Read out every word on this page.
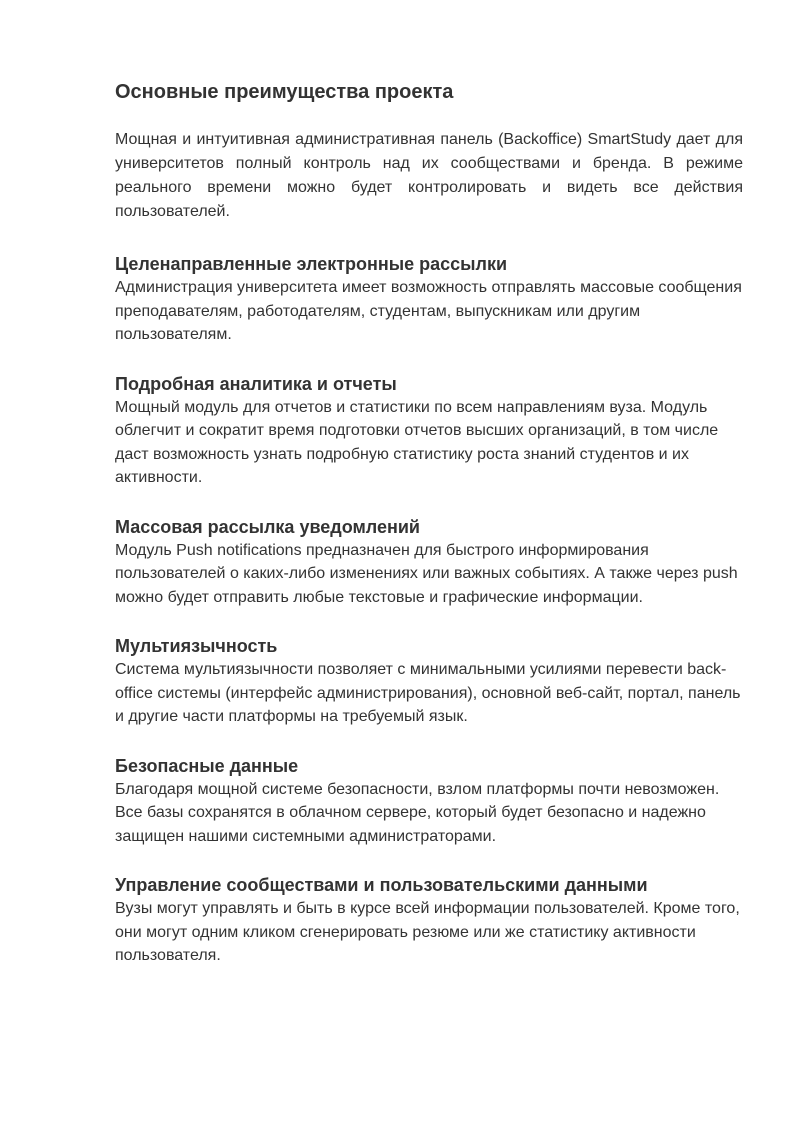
Основные преимущества проекта

Мощная и интуитивная административная панель (Backoffice) SmartStudy дает для университетов полный контроль над их сообществами и бренда. В режиме реального времени можно будет контролировать и видеть все действия пользователей.

Целенаправленные электронные рассылки

Администрация университета имеет возможность отправлять массовые сообщения преподавателям, работодателям, студентам, выпускникам или другим пользователям.

Подробная аналитика и отчеты

Мощный модуль для отчетов и статистики по всем направлениям вуза. Модуль облегчит и сократит время подготовки отчетов высших организаций, в том числе даст возможность узнать подробную статистику роста знаний студентов и их активности.

Массовая рассылка уведомлений

Модуль Push notifications предназначен для быстрого информирования пользователей о каких-либо изменениях или важных событиях. А также через push можно будет отправить любые текстовые и графические информации.

Мультиязычность

Система мультиязычности позволяет с минимальными усилиями перевести back-office системы (интерфейс администрирования), основной веб-сайт, портал, панель и другие части платформы на требуемый язык.

Безопасные данные

Благодаря мощной системе безопасности, взлом платформы почти невозможен. Все базы сохранятся в облачном сервере, который будет безопасно и надежно защищен нашими системными администраторами.

Управление сообществами и пользовательскими данными

Вузы могут управлять и быть в курсе всей информации пользователей. Кроме того, они могут одним кликом сгенерировать резюме или же статистику активности пользователя.
